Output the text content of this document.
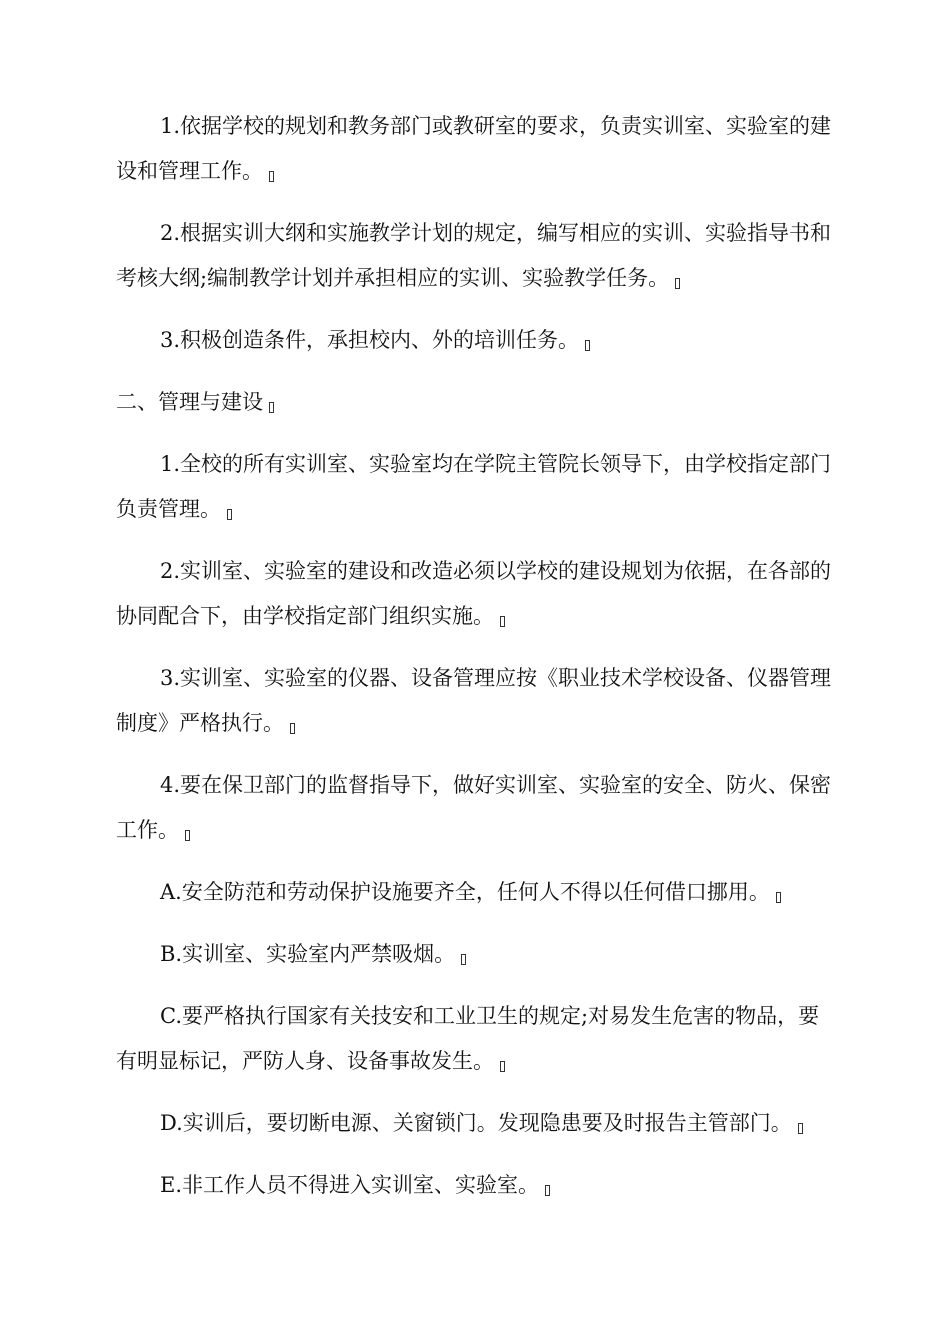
1.依据学校的规划和教务部门或教研室的要求，负责实训室、实验室的建设和管理工作。

2.根据实训大纲和实施教学计划的规定，编写相应的实训、实验指导书和考核大纲;编制教学计划并承担相应的实训、实验教学任务。

3.积极创造条件，承担校内、外的培训任务。

二、管理与建设

1.全校的所有实训室、实验室均在学院主管院长领导下，由学校指定部门负责管理。

2.实训室、实验室的建设和改造必须以学校的建设规划为依据，在各部的协同配合下，由学校指定部门组织实施。

3.实训室、实验室的仪器、设备管理应按《职业技术学校设备、仪器管理制度》严格执行。

4.要在保卫部门的监督指导下，做好实训室、实验室的安全、防火、保密工作。

A.安全防范和劳动保护设施要齐全，任何人不得以任何借口挪用。

B.实训室、实验室内严禁吸烟。

C.要严格执行国家有关技安和工业卫生的规定;对易发生危害的物品，要有明显标记，严防人身、设备事故发生。

D.实训后，要切断电源、关窗锁门。发现隐患要及时报告主管部门。

E.非工作人员不得进入实训室、实验室。
